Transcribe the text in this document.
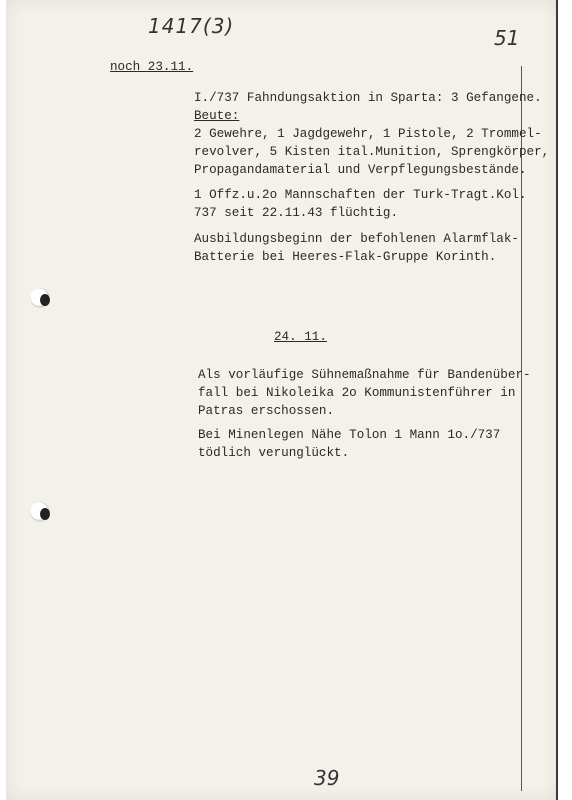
1417(3)	51
noch 23.11.
I./737 Fahndungsaktion in Sparta: 3 Gefangene.
Beute:
2 Gewehre, 1 Jagdgewehr, 1 Pistole, 2 Trommel-
revolver, 5 Kisten ital.Munition, Sprengkörper,
Propagandamaterial und Verpflegungsbestände.
1 Offz.u.2o Mannschaften der Turk-Tragt.Kol.
737 seit 22.11.43 flüchtig.
Ausbildungsbeginn der befohlenen Alarmflak-
Batterie bei Heeres-Flak-Gruppe Korinth.
24. 11.
Als vorläufige Sühnemaßnahme für Bandenüber-
fall bei Nikoleika 2o Kommunistenführer in
Patras erschossen.
Bei Minenlegen Nähe Tolon 1 Mann 1o./737
tödlich verunglückt.
39
